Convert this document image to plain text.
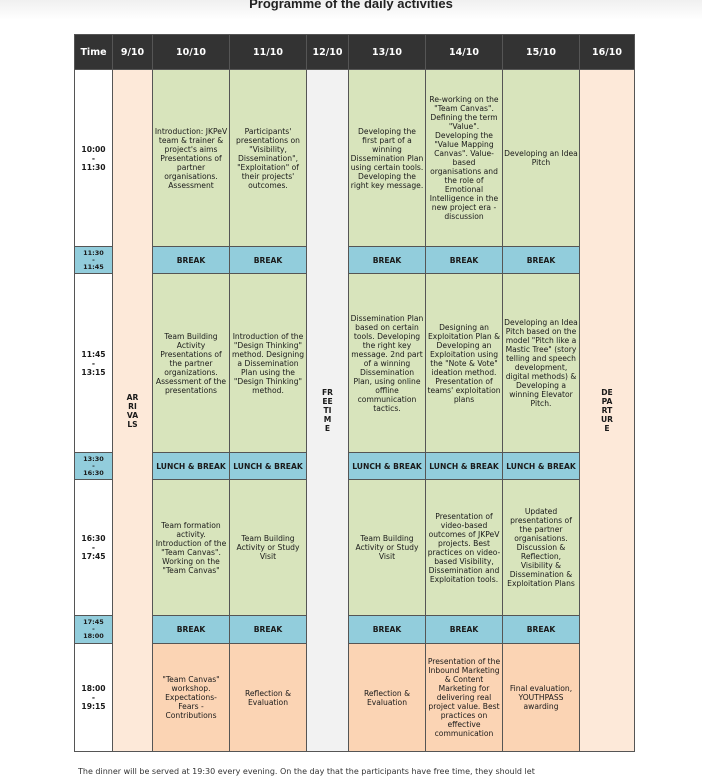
Programme of the daily activities
Time	9/10	10/10	11/10	12/10	13/10	14/10	15/10	16/10
10:00
-
11:30	ARRIVALS	Introduction: JKPeV team & trainer & project's aims Presentations of partner organisations. Assessment	Participants' presentations on "Visibility, Dissemination", "Exploitation" of their projects' outcomes.	FREE TIME	Developing the first part of a winning Dissemination Plan using certain tools. Developing the right key message.	Re-working on the "Team Canvas". Defining the term "Value". Developing the "Value Mapping Canvas". Value-based organisations and the role of Emotional Intelligence in the new project era - discussion	Developing an Idea Pitch	DEPARTURE
11:30
-
11:45		BREAK	BREAK		BREAK	BREAK	BREAK	
11:45
-
13:15		Team Building Activity Presentations of the partner organizations. Assessment of the presentations	Introduction of the "Design Thinking" method. Designing a Dissemination Plan using the "Design Thinking" method.		Dissemination Plan based on certain tools. Developing the right key message. 2nd part of a winning Dissemination Plan, using online offline communication tactics.	Designing an Exploitation Plan & Developing an Exploitation using the "Note & Vote" ideation method. Presentation of teams' exploitation plans	Developing an Idea Pitch based on the model "Pitch like a Mastic Tree" (story telling and speech development, digital methods) & Developing a winning Elevator Pitch.	
13:30
-
16:30		LUNCH & BREAK	LUNCH & BREAK		LUNCH & BREAK	LUNCH & BREAK	LUNCH & BREAK	
16:30
-
17:45		Team formation activity. Introduction of the "Team Canvas". Working on the "Team Canvas"	Team Building Activity or Study Visit		Team Building Activity or Study Visit	Presentation of video-based outcomes of JKPeV projects. Best practices on video-based Visibility, Dissemination and Exploitation tools.	Updated presentations of the partner organisations. Discussion & Reflection, Visibility & Dissemination & Exploitation Plans	
17:45
-
18:00		BREAK	BREAK		BREAK	BREAK	BREAK	
18:00
-
19:15		"Team Canvas" workshop. Expectations- Fears - Contributions	Reflection & Evaluation		Reflection & Evaluation	Presentation of the Inbound Marketing & Content Marketing for delivering real project value. Best practices on effective communication	Final evaluation, YOUTHPASS awarding	
The dinner will be served at 19:30 every evening. On the day that the participants have free time, they should let
